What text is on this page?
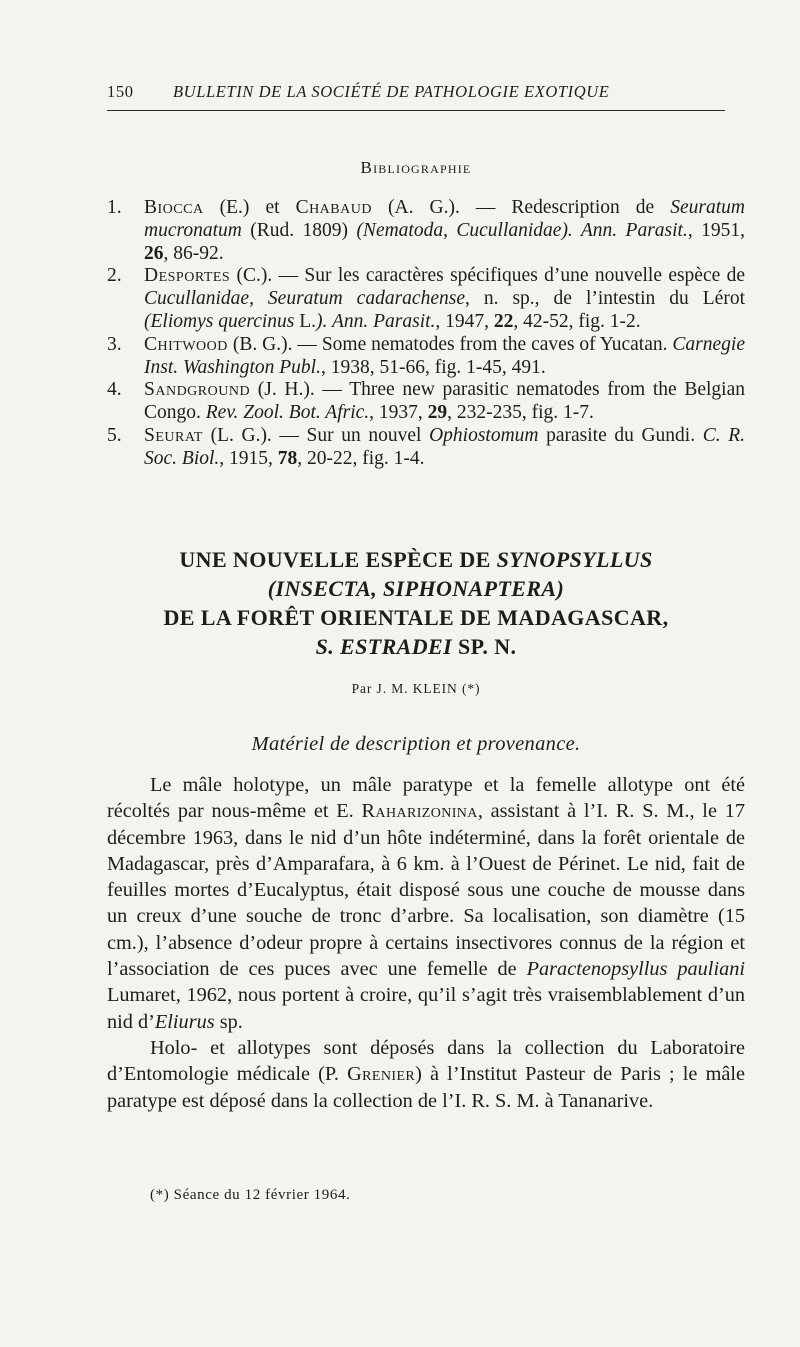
150	BULLETIN DE LA SOCIÉTÉ DE PATHOLOGIE EXOTIQUE
Bibliographie

1. Biocca (E.) et Chabaud (A. G.). — Redescription de Seuratum mucronatum (Rud. 1809) (Nematoda, Cucullanidae). Ann. Parasit., 1951, 26, 86-92.

2. Desportes (C.). — Sur les caractères spécifiques d’une nouvelle espèce de Cucullanidae, Seuratum cadarachense, n. sp., de l’intestin du Lérot (Eliomys quercinus L.). Ann. Parasit., 1947, 22, 42-52, fig. 1-2.

3. Chitwood (B. G.). — Some nematodes from the caves of Yucatan. Carnegie Inst. Washington Publ., 1938, 51-66, fig. 1-45, 491.

4. Sandground (J. H.). — Three new parasitic nematodes from the Belgian Congo. Rev. Zool. Bot. Afric., 1937, 29, 232-235, fig. 1-7.

5. Seurat (L. G.). — Sur un nouvel Ophiostomum parasite du Gundi. C. R. Soc. Biol., 1915, 78, 20-22, fig. 1-4.

UNE NOUVELLE ESPÈCE DE SYNOPSYLLUS
(INSECTA, SIPHONAPTERA)
DE LA FORÊT ORIENTALE DE MADAGASCAR,
S. ESTRADEI SP. N.
Par J. M. KLEIN (*)
Matériel de description et provenance.

Le mâle holotype, un mâle paratype et la femelle allotype ont été récoltés par nous-même et E. Raharizonina, assistant à l’I. R. S. M., le 17 décembre 1963, dans le nid d’un hôte indéterminé, dans la forêt orientale de Madagascar, près d’Amparafara, à 6 km. à l’Ouest de Périnet. Le nid, fait de feuilles mortes d’Eucalyptus, était disposé sous une couche de mousse dans un creux d’une souche de tronc d’arbre. Sa localisation, son diamètre (15 cm.), l’absence d’odeur propre à certains insectivores connus de la région et l’association de ces puces avec une femelle de Paractenopsyllus pauliani Lumaret, 1962, nous portent à croire, qu’il s’agit très vraisemblablement d’un nid d’Eliurus sp.

Holo- et allotypes sont déposés dans la collection du Laboratoire d’Entomologie médicale (P. Grenier) à l’Institut Pasteur de Paris ; le mâle paratype est déposé dans la collection de l’I. R. S. M. à Tananarive.

(*) Séance du 12 février 1964.
